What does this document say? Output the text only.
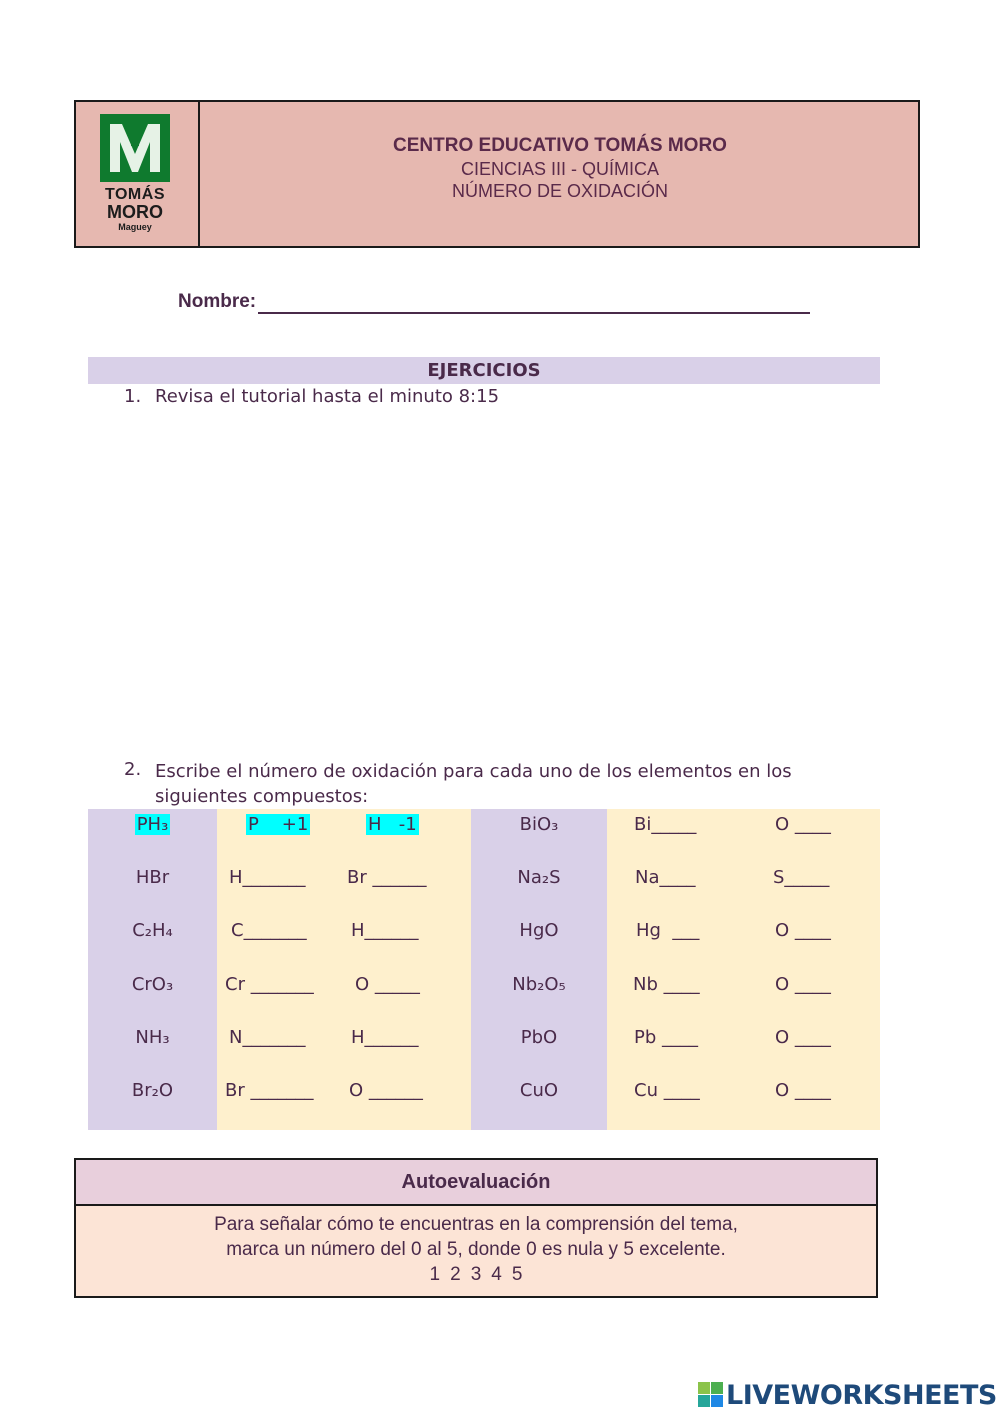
TOMÁS
MORO
Maguey
CENTRO EDUCATIVO TOMÁS MORO
CIENCIAS III - QUÍMICA
NÚMERO DE OXIDACIÓN
Nombre:
EJERCICIOS
1. Revisa el tutorial hasta el minuto 8:15
2. Escribe el número de oxidación para cada uno de los elementos en los siguientes compuestos:
PH₃	P    +1	H   -1	BiO₃	Bi_____	O ____
HBr	H_______ Br ______	Na₂S	Na____	S_____
C₂H₄	C_______ H______	HgO	Hg  ___	O ____
CrO₃	Cr _______ O _____	Nb₂O₅	Nb ____	O ____
NH₃	N_______	H______	PbO	Pb ____	O ____
Br₂O	Br _______ O ______	CuO	Cu ____	O ____
Autoevaluación
Para señalar cómo te encuentras en la comprensión del tema,
marca un número del 0 al 5, donde 0 es nula y 5 excelente.
1 2 3 4 5
LIVEWORKSHEETS
